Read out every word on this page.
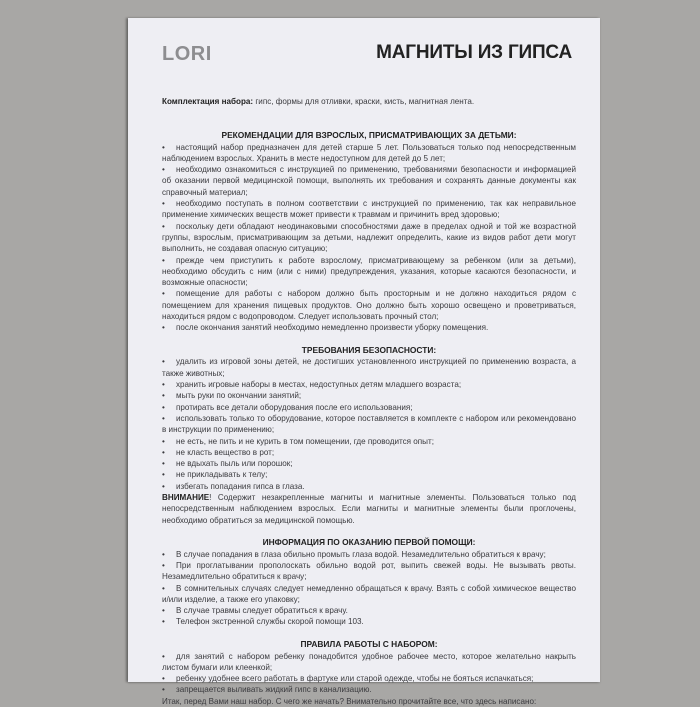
LORI	МАГНИТЫ ИЗ ГИПСА

Комплектация набора: гипс, формы для отливки, краски, кисть, магнитная лента.

РЕКОМЕНДАЦИИ ДЛЯ ВЗРОСЛЫХ, ПРИСМАТРИВАЮЩИХ ЗА ДЕТЬМИ:

• настоящий набор предназначен для детей старше 5 лет. Пользоваться только под непосредственным наблюдением взрослых. Хранить в месте недоступном для детей до 5 лет;

• необходимо ознакомиться с инструкцией по применению, требованиями безопасности и информацией об оказании первой медицинской помощи, выполнять их требования и сохранять данные документы как справочный материал;

• необходимо поступать в полном соответствии с инструкцией по применению, так как неправильное применение химических веществ может привести к травмам и причинить вред здоровью;

• поскольку дети обладают неодинаковыми способностями даже в пределах одной и той же возрастной группы, взрослым, присматривающим за детьми, надлежит определить, какие из видов работ дети могут выполнить, не создавая опасную ситуацию;

• прежде чем приступить к работе взрослому, присматривающему за ребенком (или за детьми), необходимо обсудить с ним (или с ними) предупреждения, указания, которые касаются безопасности, и возможные опасности;

• помещение для работы с набором должно быть просторным и не должно находиться рядом с помещением для хранения пищевых продуктов. Оно должно быть хорошо освещено и проветриваться, находиться рядом с водопроводом. Следует использовать прочный стол;

• после окончания занятий необходимо немедленно произвести уборку помещения.

ТРЕБОВАНИЯ БЕЗОПАСНОСТИ:

• удалить из игровой зоны детей, не достигших установленного инструкцией по применению возраста, а также животных;

• хранить игровые наборы в местах, недоступных детям младшего возраста;

• мыть руки по окончании занятий;

• протирать все детали оборудования после его использования;

• использовать только то оборудование, которое поставляется в комплекте с набором или рекомендовано в инструкции по применению;

• не есть, не пить и не курить в том помещении, где проводится опыт;

• не класть вещество в рот;

• не вдыхать пыль или порошок;

• не прикладывать к телу;

• избегать попадания гипса в глаза.

ВНИМАНИЕ! Содержит незакрепленные магниты и магнитные элементы. Пользоваться только под непосредственным наблюдением взрослых. Если магниты и магнитные элементы были проглочены, необходимо обратиться за медицинской помощью.

ИНФОРМАЦИЯ ПО ОКАЗАНИЮ ПЕРВОЙ ПОМОЩИ:

• В случае попадания в глаза обильно промыть глаза водой. Незамедлительно обратиться к врачу;

• При проглатывании прополоскать обильно водой рот, выпить свежей воды. Не вызывать рвоты. Незамедлительно обратиться к врачу;

• В сомнительных случаях следует немедленно обращаться к врачу. Взять с собой химическое вещество и/или изделие, а также его упаковку;

• В случае травмы следует обратиться к врачу.

• Телефон экстренной службы скорой помощи 103.

ПРАВИЛА РАБОТЫ С НАБОРОМ:

• для занятий с набором ребенку понадобится удобное рабочее место, которое желательно накрыть листом бумаги или клеенкой;

• ребенку удобнее всего работать в фартуке или старой одежде, чтобы не бояться испачкаться;

• запрещается выливать жидкий гипс в канализацию.

Итак, перед Вами наш набор. С чего же начать? Внимательно прочитайте все, что здесь написано:
